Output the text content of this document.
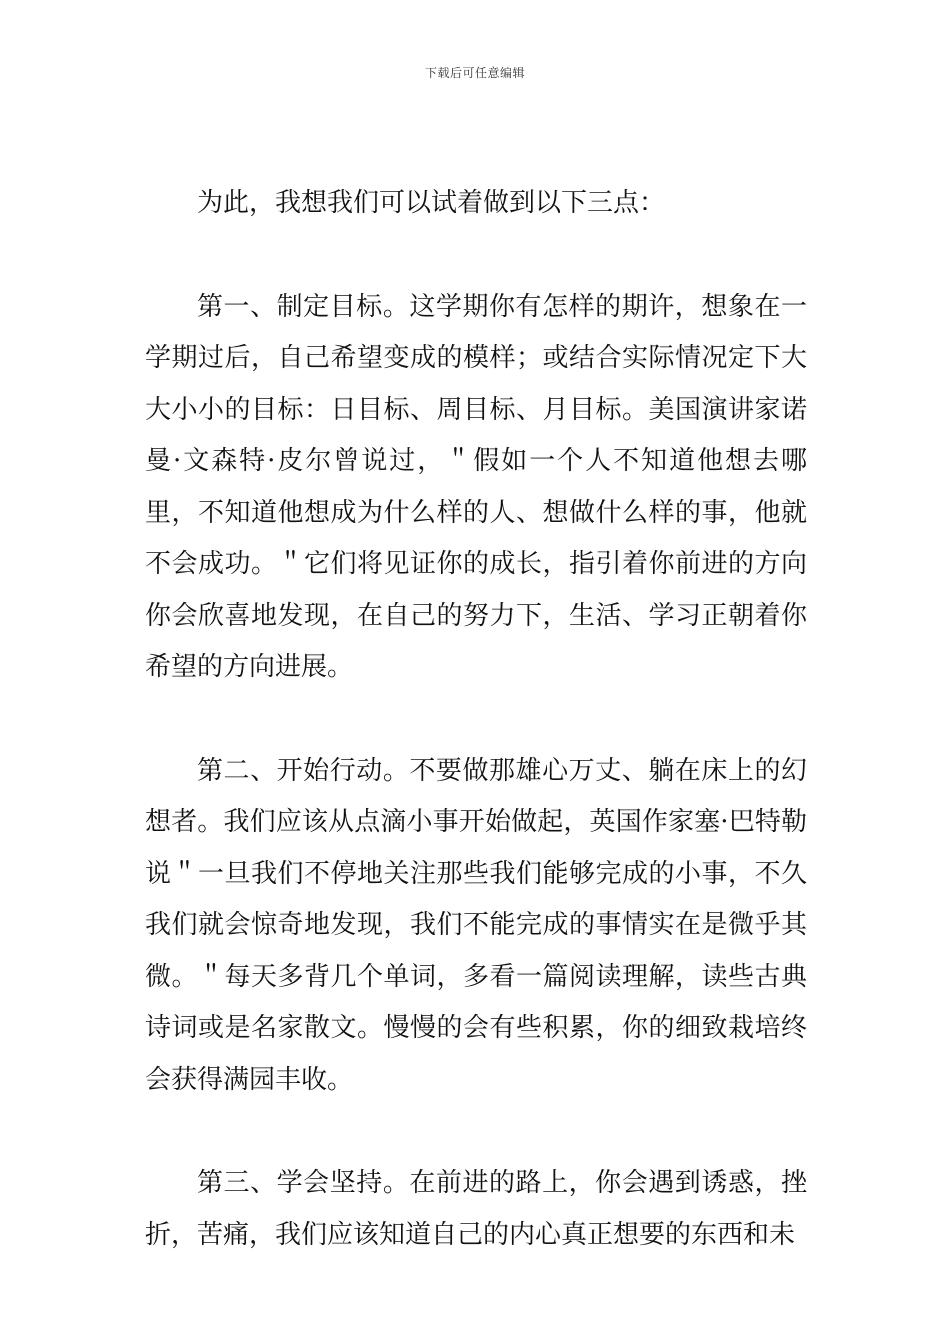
下载后可任意编辑

为此，我想我们可以试着做到以下三点：

第一、制定目标。这学期你有怎样的期许，想象在一学期过后，自己希望变成的模样；或结合实际情况定下大大小小的目标：日目标、周目标、月目标。美国演讲家诺曼·文森特·皮尔曾说过，＂假如一个人不知道他想去哪里，不知道他想成为什么样的人、想做什么样的事，他就不会成功。＂它们将见证你的成长，指引着你前进的方向你会欣喜地发现，在自己的努力下，生活、学习正朝着你希望的方向进展。

第二、开始行动。不要做那雄心万丈、躺在床上的幻想者。我们应该从点滴小事开始做起，英国作家塞·巴特勒说＂一旦我们不停地关注那些我们能够完成的小事，不久我们就会惊奇地发现，我们不能完成的事情实在是微乎其微。＂每天多背几个单词，多看一篇阅读理解，读些古典诗词或是名家散文。慢慢的会有些积累，你的细致栽培终会获得满园丰收。

第三、学会坚持。在前进的路上，你会遇到诱惑，挫折，苦痛，我们应该知道自己的内心真正想要的东西和未
